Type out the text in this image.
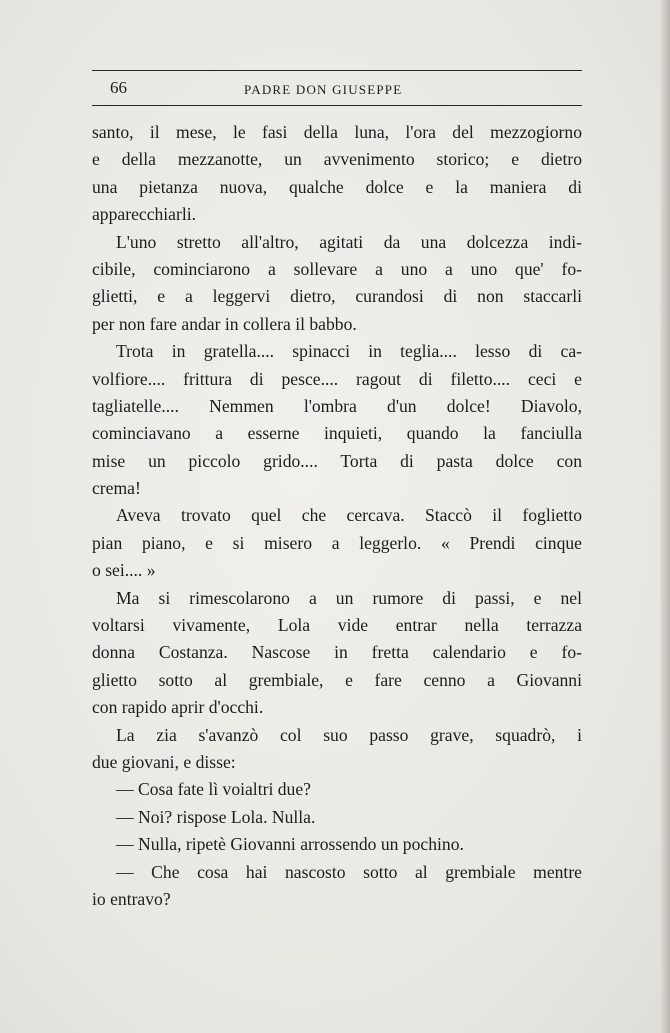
66	PADRE DON GIUSEPPE
santo, il mese, le fasi della luna, l'ora del mezzogiorno
e della mezzanotte, un avvenimento storico; e dietro
una pietanza nuova, qualche dolce e la maniera di
apparecchiarli.
L'uno stretto all'altro, agitati da una dolcezza indi-
cibile, cominciarono a sollevare a uno a uno que' fo-
glietti, e a leggervi dietro, curandosi di non staccarli
per non fare andar in collera il babbo.
Trota in gratella.... spinacci in teglia.... lesso di ca-
volfiore.... frittura di pesce.... ragout di filetto.... ceci e
tagliatelle.... Nemmen l'ombra d'un dolce! Diavolo,
cominciavano a esserne inquieti, quando la fanciulla
mise un piccolo grido.... Torta di pasta dolce con
crema!
Aveva trovato quel che cercava. Staccò il foglietto
pian piano, e si misero a leggerlo. « Prendi cinque
o sei.... »
Ma si rimescolarono a un rumore di passi, e nel
voltarsi vivamente, Lola vide entrar nella terrazza
donna Costanza. Nascose in fretta calendario e fo-
glietto sotto al grembiale, e fare cenno a Giovanni
con rapido aprir d'occhi.
La zia s'avanzò col suo passo grave, squadrò, i
due giovani, e disse:
— Cosa fate lì voialtri due?
— Noi? rispose Lola. Nulla.
— Nulla, ripetè Giovanni arrossendo un pochino.
— Che cosa hai nascosto sotto al grembiale mentre
io entravo?
